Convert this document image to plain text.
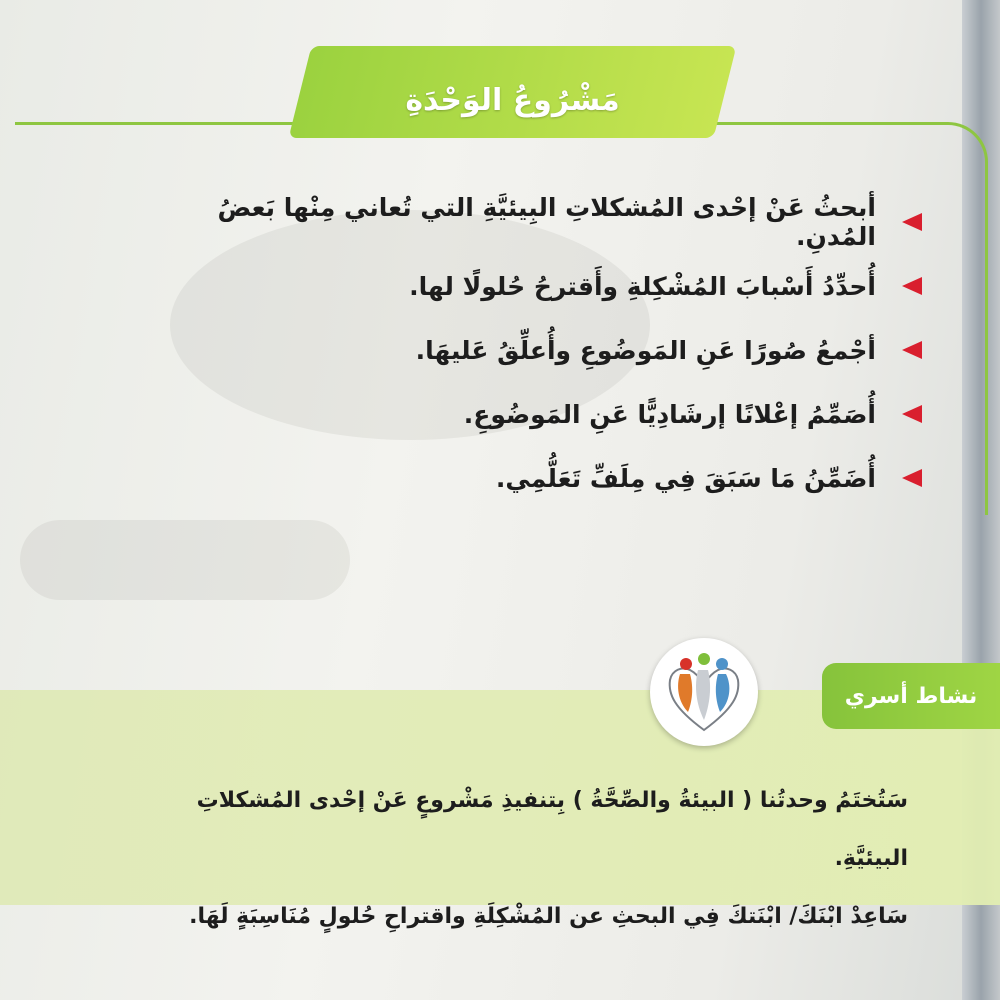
مَشْرُوعُ الوَحْدَةِ
أبحثُ عَنْ إحْدى المُشكلاتِ البِيئيَّةِ التي تُعاني مِنْها بَعضُ المُدنِ.
أُحدِّدُ أَسْبابَ المُشْكِلةِ وأَقترحُ حُلولًا لها.
أجْمعُ صُورًا عَنِ المَوضُوعِ وأُعلِّقُ عَليهَا.
أُصَمِّمُ إعْلانًا إرشَادِيًّا عَنِ المَوضُوعِ.
أُضَمِّنُ مَا سَبَقَ فِي مِلَفِّ تَعَلُّمِي.
نشاط أسري

سَتُختَمُ وحدتُنا ( البيئةُ والصِّحَّةُ ) بِتنفيذِ مَشْروعٍ عَنْ إحْدى المُشكلاتِ البيئيَّةِ.

سَاعِدْ ابْنَكَ/ ابْنَتكَ فِي البحثِ عن المُشْكِلَةِ واقتراحِ حُلولٍ مُنَاسِبَةٍ لَهَا.
